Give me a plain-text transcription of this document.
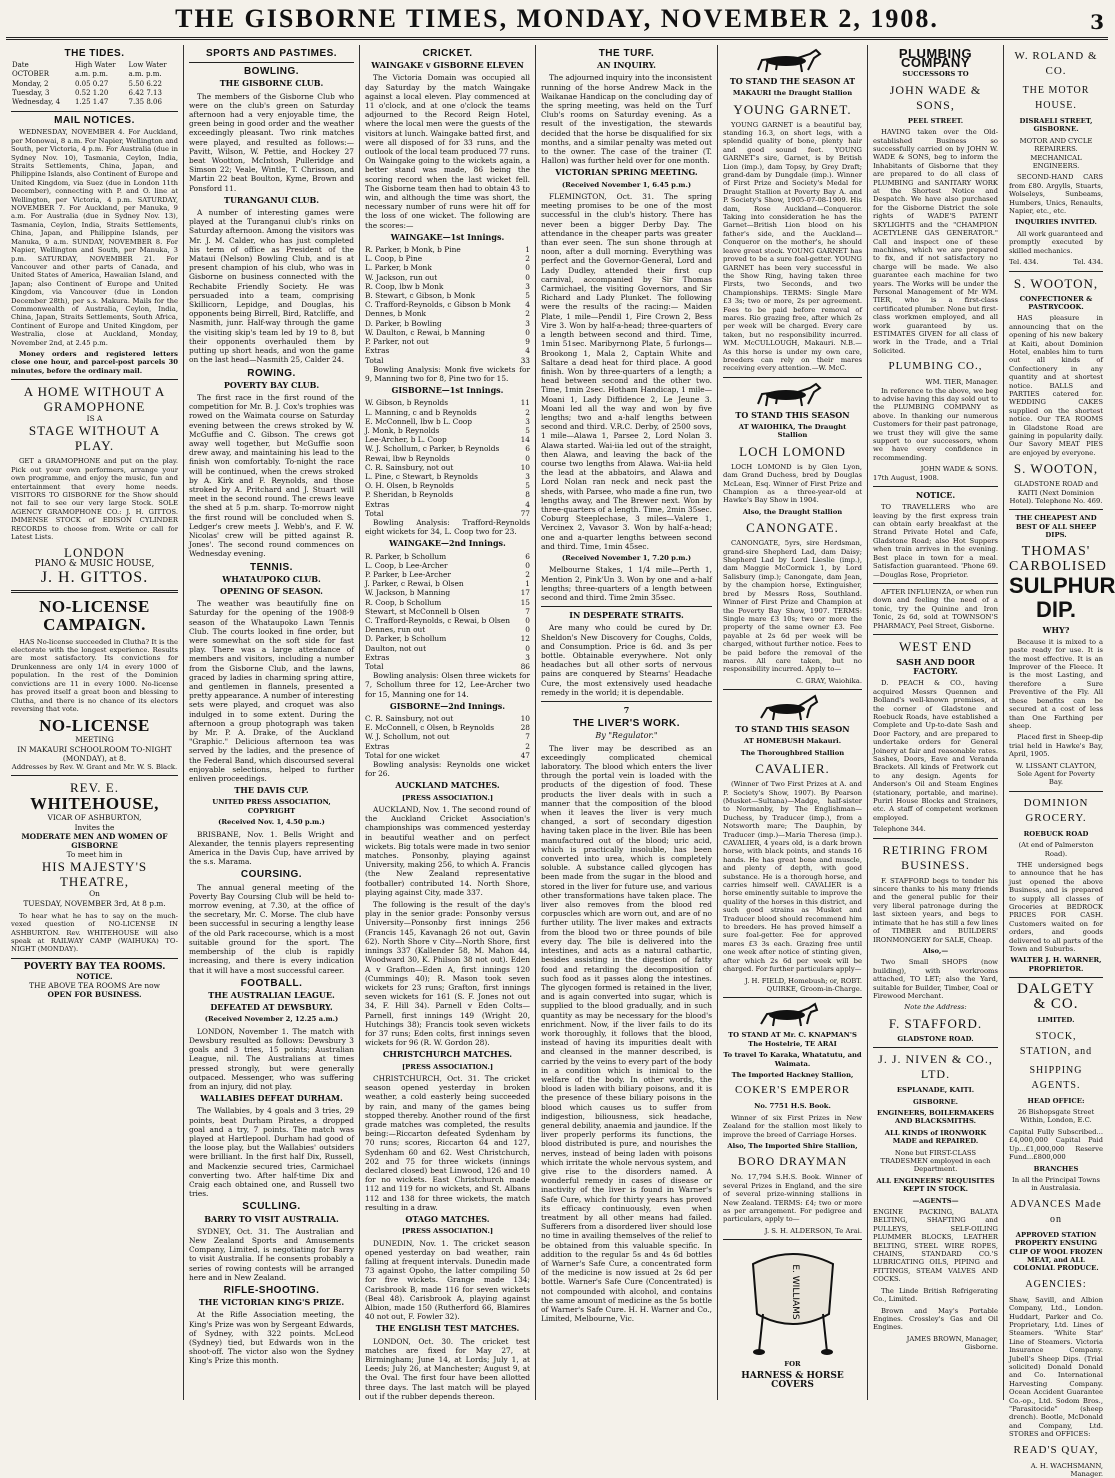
THE GISBORNE TIMES, MONDAY, NOVEMBER 2, 1908.	3
THE TIDES.
Date	High Water	Low Water
OCTOBER	a.m. p.m.	a.m. p.m.
Monday, 2	0.05 0.27	5.50 6.22
Tuesday, 3	0.52 1.20	6.42 7.13
Wednesday, 4	1.25 1.47	7.35 8.06
MAIL NOTICES.

WEDNESDAY, NOVEMBER 4. For Auckland, per Monowai, 8 a.m. For Napier, Wellington and South, per Victoria, 4 p.m. For Australia (due in Sydney Nov. 10), Tasmania, Ceylon, India, Straits Settlements, China, Japan, and Philippine Islands, also Continent of Europe and United Kingdom, via Suez (due in London 11th December), connecting with P. and O. line at Wellington, per Victoria, 4 p.m. SATURDAY, NOVEMBER 7. For Auckland, per Manuka, 9 a.m. For Australia (due in Sydney Nov. 13), Tasmania, Ceylon, India, Straits Settlements, China, Japan, and Philippine Islands, per Manuka, 9 a.m. SUNDAY, NOVEMBER 8. For Napier, Wellington and South, per Manuka, 3 p.m. SATURDAY, NOVEMBER 21. For Vancouver and other parts of Canada, and United States of America, Hawaiian Island, and Japan; also Continent of Europe and United Kingdom, via Vancouver (due in London December 28th), per s.s. Makura. Mails for the Commonwealth of Australia, Ceylon, India, China, Japan, Straits Settlements, South Africa, Continent of Europe and United Kingdom, per Westralia, close at Auckland, Monday, November 2nd, at 2.45 p.m.

Money orders and registered letters close one hour, and parcel-post parcels 30 minutes, before the ordinary mail.

A HOME WITHOUT A GRAMOPHONE
IS A
STAGE WITHOUT A PLAY.

GET a GRAMOPHONE and put on the play. Pick out your own performers, arrange your own programme, and enjoy the music, fun and entertainment that every home needs. VISITORS TO GISBORNE for the Show should not fail to see our very large Stock. SOLE AGENCY GRAMOPHONE CO.: J. H. GITTOS. IMMENSE STOCK of EDISON CYLINDER RECORDS to choose from. Write or call for Latest Lists.

LONDON
PIANO & MUSIC HOUSE,
J. H. GITTOS.
NO-LICENSE CAMPAIGN.

HAS No-license succeeded in Clutha? It is the electorate with the longest experience. Results are most satisfactory. Its convictions for Drunkenness are only 1/4 in every 1000 of population. In the rest of the Dominion convictions are 11 in every 1000. No-license has proved itself a great boon and blessing to Clutha, and there is no chance of its electors reversing that vote.

NO-LICENSE
MEETING
IN MAKAURI SCHOOLROOM TO-NIGHT (MONDAY), at 8.
Addresses by Rev. W. Grant and Mr. W. S. Black.
REV. E.
WHITEHOUSE,
VICAR OF ASHBURTON,
Invites the
MODERATE MEN AND WOMEN OF GISBORNE
To meet him in
HIS MAJESTY'S THEATRE,
On
TUESDAY, NOVEMBER 3rd, At 8 p.m.

To hear what he has to say on the much-vexed question of NO-LICENSE IN ASHBURTON. Rev. WHITEHOUSE will also speak at RAILWAY CAMP (WAIHUKA) TO-NIGHT (MONDAY).

POVERTY BAY TEA ROOMS.
NOTICE.
THE ABOVE TEA ROOMS Are now
OPEN FOR BUSINESS.
SPORTS AND PASTIMES.
BOWLING.
THE GISBORNE CLUB.

The members of the Gisborne Club who were on the club's green on Saturday afternoon had a very enjoyable time, the green being in good order and the weather exceedingly pleasant. Two rink matches were played, and resulted as follows:—Pavitt, Wilson, W. Pettie, and Hockey 27 beat Wootton, McIntosh, Pulleridge and Simson 22; Veale, Wintle, T. Chrisson, and Martin 22 beat Boulton, Kyme, Brown and Ponsford 11.

TURANGANUI CLUB.

A number of interesting games were played at the Turanganui club's rinks on Saturday afternoon. Among the visitors was Mr. J. M. Calder, who has just completed his term of office as President of the Mataui (Nelson) Bowling Club, and is at present champion of his club, who was in Gisborne on business connected with the Rechabite Friendly Society. He was persuaded into a team, comprising Skillicorn, Lepidge, and Douglas, his opponents being Birrell, Bird, Ratcliffe, and Nasmith, junr. Half-way through the game the visiting skip's team led by 19 to 8, but their opponents overhauled them by putting up short heads, and won the game on the last head—Nasmith 25, Calder 24.

ROWING.
POVERTY BAY CLUB.

The first race in the first round of the competition for Mr. B. J. Cox's trophies was rowed on the Waimata course on Saturday evening between the crews stroked by W. McGuffie and C. Gibson. The crews got away well together, but McGuffie soon drew away, and maintaining his lead to the finish won comfortably. To-night the race will be continued, when the crews stroked by A. Kirk and F. Reynolds, and those stroked by A. Pritchard and J. Stuart will meet in the second round. The crews leave the shed at 5 p.m. sharp. To-morrow night the first round will be concluded when S. Ledger's crew meets J. Webb's, and F. W. Nicolas' crew will be pitted against R. Jones'. The second round commences on Wednesday evening.

TENNIS.
WHATAUPOKO CLUB.
OPENING OF SEASON.

The weather was beautifully fine on Saturday for the opening of the 1908-9 season of the Whataupoko Lawn Tennis Club. The courts looked in fine order, but were somewhat on the soft side for fast play. There was a large attendance of members and visitors, including a number from the Gisborne Club, and the lawns, graced by ladies in charming spring attire, and gentlemen in flannels, presented a pretty appearance. A number of interesting sets were played, and croquet was also indulged in to some extent. During the afternoon a group photograph was taken by Mr. P. A. Drake, of the Auckland "Graphic." Delicious afternoon tea was served by the ladies, and the presence of the Federal Band, which discoursed several enjoyable selections, helped to further enliven proceedings.

THE DAVIS CUP.
UNITED PRESS ASSOCIATION, COPYRIGHT
(Received Nov. 1, 4.50 p.m.)

BRISBANE, Nov. 1. Bells Wright and Alexander, the tennis players representing America in the Davis Cup, have arrived by the s.s. Marama.

COURSING.

The annual general meeting of the Poverty Bay Coursing Club will be held to-morrow evening, at 7.30, at the office of the secretary, Mr. C. Morse. The club have been successful in securing a lengthy lease of the old Park racecourse, which is a most suitable ground for the sport. The membership of the club is rapidly increasing, and there is every indication that it will have a most successful career.

FOOTBALL.
THE AUSTRALIAN LEAGUE.
DEFEATED AT DEWSBURY.
(Received November 2, 12.25 a.m.)

LONDON, November 1. The match with Dewsbury resulted as follows: Dewsbury 3 goals and 3 tries, 15 points; Australian League, nil. The Australians at times pressed strongly, but were generally outpaced. Messenger, who was suffering from an injury, did not play.

WALLABIES DEFEAT DURHAM.

The Wallabies, by 4 goals and 3 tries, 29 points, beat Durham Pirates, a dropped goal and a try, 7 points. The match was played at Hartlepool. Durham had good of the loose play, but the Wallabies' outsiders were brilliant. In the first half Dix, Russell, and Mackenzie secured tries, Carmichael converting two. After half-time Dix and Craig each obtained one, and Russell two tries.

SCULLING.
BARRY TO VISIT AUSTRALIA.

SYDNEY, Oct. 31. The Australian and New Zealand Sports and Amusements Company, Limited, is negotiating for Barry to visit Australia. If he consents probably a series of rowing contests will be arranged here and in New Zealand.

RIFLE-SHOOTING.
THE VICTORIAN KING'S PRIZE.

At the Rifle Association meeting, the King's Prize was won by Sergeant Edwards, of Sydney, with 322 points. McLeod (Sydney) tied, but Edwards won in the shoot-off. The victor also won the Sydney King's Prize this month.

CRICKET.
WAINGAKE v GISBORNE ELEVEN

The Victoria Domain was occupied all day Saturday by the match Waingake against a local eleven. Play commenced at 11 o'clock, and at one o'clock the teams adjourned to the Record Reign Hotel, where the local men were the guests of the visitors at lunch. Waingake batted first, and were all disposed of for 33 runs, and the outlook of the local team produced 77 runs. On Waingake going to the wickets again, a better stand was made, 86 being the scoring record when the last wicket fell. The Gisborne team then had to obtain 43 to win, and although the time was short, the necessary number of runs were hit off for the loss of one wicket. The following are the scores:—

WAINGAKE—1st Innings.
R. Parker, b Monk, b Pine	1
L. Coop, b Pine	2
L. Parker, b Monk	0
W. Jackson, run out	0
R. Coop, lbw b Monk	3
B. Stewart, c Gibson, b Monk	5
C. Trafford-Reynolds, c Gibson b Monk 4
Dennes, b Monk	2
D. Parker, b Bowling	3
W. Daulton, c Rewai, b Manning	0
P. Parker, not out	9
Extras	4
Total	33

Bowling Analysis: Monk five wickets for 9, Manning two for 8, Pine two for 15.

GISBORNE—1st Innings.
W. Gibson, b Reynolds	11
L. Manning, c and b Reynolds	2
E. McConnell, lbw b L. Coop	3
J. Monk, b Reynolds	5
Lee-Archer, b L. Coop	14
W. J. Schollum, c Parker, b Reynolds	6
Rewai, lbw b Reynolds	0
C. R. Sainsbury, not out	10
L. Pine, c Stewart, b Reynolds	3
O. H. Olsen, b Reynolds	5
P. Sheridan, b Reynolds	8
Extras	4
Total	77

Bowling Analysis: Trafford-Reynolds eight wickets for 34, L. Coop two for 23.

WAINGAKE—2nd Innings.
R. Parker, b Schollum	6
L. Coop, b Lee-Archer	0
P. Parker, b Lee-Archer	2
J. Parker, c Rewai, b Olsen	1
W. Jackson, b Manning	17
R. Coop, b Schollum	15
Stewart, st McConnell b Olsen	7
C. Trafford-Reynolds, c Rewai, b Olsen 0
Dennes, run out	0
D. Parker, b Schollum	12
Daulton, not out	0
Extras	3
Total	86

Bowling analysis: Olsen three wickets for 7, Schollum three for 12, Lee-Archer two for 15, Manning one for 14.

GISBORNE—2nd Innings.
C. R. Sainsbury, not out	10
E. McConnell, c Olsen, b Reynolds	28
W. J. Schollum, not out	7
Extras	2
Total for one wicket	47

Bowling analysis: Reynolds one wicket for 26.

AUCKLAND MATCHES.
[PRESS ASSOCIATION.]

AUCKLAND, Nov. 1. The second round of the Auckland Cricket Association's championships was commenced yesterday in beautiful weather and on perfect wickets. Big totals were made in two senior matches. Ponsonby, playing against University, making 256, to which A. Francis (the New Zealand representative footballer) contributed 14. North Shore, playing against City, made 337.

The following is the result of the day's play in the senior grade: Ponsonby versus University—Ponsonby first innings 256 (Francis 145, Kavanagh 26 not out, Gavin 62). North Shore v City—North Shore, first innings 337 (Kallender 58, M. Mahon 44, Woodward 30, K. Philson 38 not out). Eden A v Grafton—Eden A, first innings 120 (Cummings 40); R. Mason took seven wickets for 23 runs; Grafton, first innings seven wickets for 161 (S. F. Jones not out 34, F. Hill 34). Parnell v Eden Colts—Parnell, first innings 149 (Wright 20, Hutchings 38); Francis took seven wickets for 37 runs; Eden colts, first innings seven wickets for 96 (R. W. Gordon 28).

CHRISTCHURCH MATCHES.
[PRESS ASSOCIATION.]

CHRISTCHURCH, Oct. 31. The cricket season opened yesterday in broken weather, a cold easterly being succeeded by rain, and many of the games being stopped thereby. Another round of the first grade matches was completed, the results being:—Riccarton defeated Sydenham by 70 runs; scores, Riccarton 64 and 127, Sydenham 60 and 62. West Christchurch, 202 and 75 for three wickets (innings declared closed) beat Linwood, 126 and 10 for no wickets. East Christchurch made 112 and 119 for no wickets, and St. Albans 112 and 138 for three wickets, the match resulting in a draw.

OTAGO MATCHES.
[PRESS ASSOCIATION.]

DUNEDIN, Nov. 1. The cricket season opened yesterday on bad weather, rain falling at frequent intervals. Dunedin made 73 against Opoho, the latter compiling 50 for five wickets. Grange made 134; Carisbrook B, made 116 for seven wickets (Beal 48). Carisbrook A, playing against Albion, made 150 (Rutherford 66, Blamires 40 not out, F. Fowler 32).

THE ENGLISH TEST MATCHES.

LONDON, Oct. 30. The cricket test matches are fixed for May 27, at Birmingham; June 14, at Lords; July 1, at Leeds; July 26, at Manchester; August 9, at the Oval. The first four have been allotted three days. The last match will be played out if the rubber depends thereon.

THE TURF.
AN INQUIRY.

The adjourned inquiry into the inconsistent running of the horse Andrew Mack in the Waikanae Handicap on the concluding day of the spring meeting, was held on the Turf Club's rooms on Saturday evening. As a result of the investigation, the stewards decided that the horse be disqualified for six months, and a similar penalty was meted out to the owner. The case of the trainer (T. Hallon) was further held over for one month.

VICTORIAN SPRING MEETING.
(Received November 1, 6.45 p.m.)

FLEMINGTON, Oct. 31. The spring meeting promises to be one of the most successful in the club's history. There has never been a bigger Derby Day. The attendance in the cheaper parts was greater than ever seen. The sun shone through at noon, after a dull morning. Everything was perfect and the Governor-General, Lord and Lady Dudley, attended their first cup carnival, accompanied by Sir Thomas Carmichael, the visiting Governors, and Sir Richard and Lady Plunket. The following were the results of the racing:— Maiden Plate, 1 mile—Pendil 1, Fire Crown 2, Bess Vire 3. Won by half-a-head; three-quarters of a length between second and third. Time, 1min 51sec. Maribyrnong Plate, 5 furlongs—Brookong 1, Mala 2, Captain White and Saltare a dead heat for third place. A good finish. Won by three-quarters of a length; a head between second and the other two. Time, 1min 2sec. Hotham Handicap, 1 mile—Moani 1, Lady Diffidence 2, Le Jeune 3. Moani led all the way and won by five lengths; two and a-half lengths between second and third. V.R.C. Derby, of 2500 sovs, 1 mile—Alawa 1, Parsee 2, Lord Nolan 3. Alawa started. Wai-iia led out of the straight, then Alawa, and leaving the back of the course two lengths from Alawa. Wai-iia held the lead at the abbatoirs, and Alawa and Lord Nolan ran neck and neck past the sheds, with Parsee, who made a fine run, two lengths away, and The Brewer next. Won by three-quarters of a length. Time, 2min 35sec. Coburg Steeplechase, 3 miles—Valere 1, Vercinex 2, Vavasor 3. Won by half-a-head; one and a-quarter lengths between second and third. Time, 1min 45sec.

(Received November 1, 7.20 p.m.)

Melbourne Stakes, 1 1/4 mile—Perth 1, Mention 2, Pink'Un 3. Won by one and a-half lengths; three-quarters of a length between second and third. Time 2min 35sec.

IN DESPERATE STRAITS.

Are many who could be cured by Dr. Sheldon's New Discovery for Coughs, Colds, and Consumption. Price is 6d. and 3s per bottle. Obtainable everywhere. Not only headaches but all other sorts of nervous pains are conquered by Stearns' Headache Cure, the most extensively used headache remedy in the world; it is dependable.

7
THE LIVER'S WORK.
By "Regulator."

The liver may be described as an exceedingly complicated chemical laboratory. The blood which enters the liver through the portal vein is loaded with the products of the digestion of food. These products the liver deals with in such a manner that the composition of the blood when it leaves the liver is very much changed, a sort of secondary digestion having taken place in the liver. Bile has been manufactured out of the blood; uric acid, which is practically insoluble, has been converted into urea, which is completely soluble. A substance called glycogen has been made from the sugar in the blood and stored in the liver for future use, and various other transformations have taken place. The liver also removes from the blood red corpuscles which are worn out, and are of no further utility. The liver makes and extracts from the blood two or three pounds of bile every day. The bile is delivered into the intestines, and acts as a natural cathartic, besides assisting in the digestion of fatty food and retarding the decomposition of such food as it passes along the intestines. The glycogen formed is retained in the liver, and is again converted into sugar, which is supplied to the blood gradually, and in such quantity as may be necessary for the blood's enrichment. Now, if the liver fails to do its work thoroughly, it follows that the blood, instead of having its impurities dealt with and cleansed in the manner described, is carried by the veins to every part of the body in a condition which is inimical to the welfare of the body. In other words, the blood is laden with biliary poisons, and it is the presence of these biliary poisons in the blood which causes us to suffer from indigestion, biliousness, sick headache, general debility, anaemia and jaundice. If the liver properly performs its functions, the blood distributed is pure, and nourishes the nerves, instead of being laden with poisons which irritate the whole nervous system, and give rise to the disorders named. A wonderful remedy in cases of disease or inactivity of the liver is found in Warner's Safe Cure, which for thirty years has proved its efficacy continuously, even when treatment by all other means had failed. Sufferers from a disordered liver should lose no time in availing themselves of the relief to be obtained from this valuable specific. In addition to the regular 5s and 4s 6d bottles of Warner's Safe Cure, a concentrated form of the medicine is now issued at 2s 6d per bottle. Warner's Safe Cure (Concentrated) is not compounded with alcohol, and contains the same amount of medicine as the 5s bottle of Warner's Safe Cure. H. H. Warner and Co., Limited, Melbourne, Vic.

TO STAND THE SEASON AT
MAKAURI the Draught Stallion
YOUNG GARNET.

YOUNG GARNET is a beautiful bay, standing 16.3, on short legs, with a splendid quality of bone, plenty hair and good sound feet. YOUNG GARNET's sire, Garnet, is by British Lion (imp.), dam Topsy, by Grey Draft; grand-dam by Dungdale (imp.). Winner of First Prize and Society's Medal for Draught Stallion at Poverty Bay A. and P. Society's Show, 1905-07-08-1909. His dam, Rose Auckland—Conqueror. Taking into consideration he has the Garnet—British Lion blood on his father's side, and the Auckland—Conqueror on the mother's, he should leave great stock. YOUNG GARNET has proved to be a sure foal-getter. YOUNG GARNET has been very successful in the Show Ring, having taken three Firsts, two Seconds, and two Championships. TERMS: Single Mare £3 3s; two or more, 2s per agreement. Fees to be paid before removal of mares. Rio grazing free, after which 2s per week will be charged. Every care taken, but no responsibility incurred. WM. McCULLOUGH, Makauri. N.B.—As this horse is under my own care, breeders can rely on their mares receiving every attention.—W. McC.

TO STAND THIS SEASON
AT WAIOHIKA, The Draught Stallion
LOCH LOMOND

LOCH LOMOND is by Glen Lyon, dam Grand Duchess, bred by Douglas McLean, Esq. Winner of First Prize and Champion as a three-year-old at Hawke's Bay Show in 1904.

Also, the Draught Stallion
CANONGATE.

CANONGATE, 5yrs, sire Herdsman, grand-sire Shepherd Lad, dam Daisy; Shepherd Lad by Lord Lieslie (imp.), dam Maggie McCormick 1, by Lord Salisbury (imp.); Canongate, dam Jean, by the champion horse, Extinguisher, bred by Messrs Ross, Southland. Winner of First Prize and Champion at the Poverty Bay Show, 1907. TERMS: Single mare £3 10s; two or more the property of the same owner £3. Fee payable at 2s 6d per week will be charged, without further notice. Fees to be paid before the removal of the mares. All care taken, but no responsibility incurred. Apply to—

C. GRAY, Waiohika.
TO STAND THIS SEASON
AT HOMEBUSH Makauri.
The Thoroughbred Stallion
CAVALIER.

(Winner of Two First Prizes at A. and P. Society's Show, 1907). By Pearson (Musket—Sultana)—Madge, half-sister to Normanby, by The Englishman—Duchess, by Traducer (imp.), from a Notsworth mare; The Dauphin, by Traducer (imp.)—Maria Theresa (imp.). CAVALIER, 4 years old, is a dark brown horse, with black points, and stands 16 hands. He has great bone and muscle, and plenty of depth, with good substance. He is a thorough horse, and carries himself well. CAVALIER is a horse eminently suitable to improve the quality of the horses in this district, and such good strains as Musket and Traducer blood should recommend him to breeders. He has proved himself a sure foal-getter. Fee for approved mares £3 3s each. Grazing free until one week after notice of stinting given, after which 2s 6d per week will be charged. For further particulars apply—

J. H. FIELD, Homebush; or, ROBT. QUIRKE, Groom-in-Charge.
TO STAND AT Mr. C. KNAPMAN'S The Hostelrie, TE ARAI
To travel To Karaka, Whatatutu, and Waimata.
The Imported Hackney Stallion,
COKER'S EMPEROR
No. 7751 H.S. Book.

Winner of six First Prizes in New Zealand for the stallion most likely to improve the breed of Carriage Horses.

Also, The Imported Shire Stallion,
BORO DRAYMAN

No. 17,794 S.H.S. Book. Winner of several Prizes in England, and the sire of several prize-winning stallions in New Zealand. TERMS: £4; two or more as per arrangement. For pedigree and particulars, apply to—

J. S. H. ALDERSON, Te Arai.
E. WILLIAMS
FOR
HARNESS & HORSE COVERS
PLUMBING COMPANY
SUCCESSORS TO
JOHN WADE & SONS,
PEEL STREET.

HAVING taken over the Old-established Business so successfully carried on by JOHN W. WADE & SONS, beg to inform the Inhabitants of Gisborne that they are prepared to do all class of PLUMBING and SANITARY WORK at the Shortest Notice and Despatch. We have also purchased for the Gisborne District the sole rights of WADE'S PATENT SKYLIGHTS and the "CHAMPION ACETYLENE GAS GENERATOR." Call and inspect one of these machines, which we are prepared to fix, and if not satisfactory no charge will be made. We also guarantee each machine for two years. The Works will be under the Personal Management of Mr WM. TIER, who is a first-class certificated plumber. None but first-class workmen employed, and all work guaranteed by us. ESTIMATES GIVEN for all class of work in the Trade, and a Trial Solicited.

PLUMBING CO.,
WM. TIER, Manager.

In reference to the above, we beg to advise having this day sold out to the PLUMBING COMPANY as above. In thanking our numerous Customers for their past patronage, we trust they will give the same support to our successors, whom we have every confidence in recommending.

JOHN WADE & SONS.
17th August, 1908.
NOTICE.

TO TRAVELLERS who are leaving by the first express train can obtain early breakfast at the Strand Private Hotel and Cafe, Gladstone Road; also Hot Suppers when train arrives in the evening. Best place in town for a meal. Satisfaction guaranteed. 'Phone 69.—Douglas Rose, Proprietor.

AFTER INFLUENZA, or when run down and feeling the need of a tonic, try the Quinine and Iron Tonic, 2s 6d, sold at TOWNSON'S PHARMACY, Peel Street, Gisborne.

WEST END
SASH AND DOOR FACTORY.

D. PEACH & CO., having acquired Messrs Quennen and Bolland's well-known premises, at the corner of Gladstone and Roebuck Roads, have established a Complete and Up-to-date Sash and Door Factory, and are prepared to undertake orders for General Joinery at fair and reasonable rates. Sashes, Doors, Eave and Veranda Brackets. All kinds of Fretwork cut to any design. Agents for Anderson's Oil and Steam Engines (stationary, portable, and marine). Puriri House Blocks and Strainers, etc. A staff of competent workmen employed.

Telephone 344.
RETIRING FROM BUSINESS.

F. STAFFORD begs to tender his sincere thanks to his many friends and the general public for their very liberal patronage during the last sixteen years, and begs to intimate that he has still a few lines of TIMBER and BUILDERS' IRONMONGERY for SALE, Cheap.

Also,—

Two Small SHOPS (now building), with workrooms attached, TO LET; also the Yard, suitable for Builder, Timber, Coal or Firewood Merchant.

Note the Address:
F. STAFFORD.
GLADSTONE ROAD.
J. J. NIVEN & CO., LTD.
ESPLANADE, KAITI.
GISBORNE.
ENGINEERS, BOILERMAKERS AND BLACKSMITHS.
ALL KINDS of IRONWORK MADE and REPAIRED.
None but FIRST-CLASS TRADESMEN employed in each Department.
ALL ENGINEERS' REQUISITES KEPT IN STOCK.
—AGENTS—

ENGINE PACKING, BALATA BELTING, SHAFTING and PULLEYS, SELF-OILING PLUMMER BLOCKS, LEATHER BELTING, STEEL WIRE ROPES, CHAINS, STANDARD CO.'S LUBRICATING OILS, PIPING and FITTINGS, STEAM VALVES AND COCKS.

The Linde British Refrigerating Co., Limited.

Brown and May's Portable Engines. Crossley's Gas and Oil Engines.

JAMES BROWN, Manager, Gisborne.
W. ROLAND & CO.
THE MOTOR HOUSE.
DISRAELI STREET, GISBORNE.
MOTOR AND CYCLE REPAIRERS. MECHANICAL ENGINEERS.

SECOND-HAND CARS from £80. Argylls, Stuarts, Wolseleys, Sunbeams, Humbers, Unics, Renaults, Napier, etc., etc.

INQUIRIES INVITED.

All work guaranteed and promptly executed by skilled mechanics.

Tel. 434.	Tel. 434.
S. WOOTON,
CONFECTIONER & PASTRYCOOK.

HAS pleasure in announcing that on the opening of his new bakery at Kaiti, about Dominion Hotel, enables him to turn out all kinds of Confectionery in any quantity and at shortest notice. BALLS and PARTIES catered for. WEDDING CAKES supplied on the shortest notice. Our TEA ROOMS in Gladstone Road are gaining in popularity daily. Our Savory MEAT PIES are enjoyed by everyone.

S. WOOTON,
GLADSTONE ROAD and KAITI (Next Dominion Hotel). Telephone No. 469.
THE CHEAPEST AND BEST OF ALL SHEEP DIPS.
THOMAS'
CARBOLISED
SULPHUR
DIP.
WHY?

Because it is mixed to a paste ready for use. It is the most effective. It is an Improver of the Fleece. It is the most Lasting, and therefore a Sure Preventive of the Fly. All these benefits can be secured at a cost of less than One Farthing per sheep.

Placed first in Sheep-dip trial held in Hawke's Bay, April, 1905.

W. LISSANT CLAYTON, Sole Agent for Poverty Bay.
DOMINION GROCERY.
ROEBUCK ROAD
(At end of Palmerston Road).

THE undersigned begs to announce that he has just opened the above Business, and is prepared to supply all classes of Groceries at BEDROCK PRICES FOR CASH. Customers waited on for orders, and goods delivered to all parts of the Town and Suburbs.

WALTER J. H. WARNER, PROPRIETOR.
DALGETY & CO.
LIMITED.
STOCK, STATION, and
SHIPPING AGENTS.
HEAD OFFICE:
26 Bishopsgate Street Within, London, E.C.

Capital Fully Subscribed...£4,000,000 Capital Paid Up...£1,000,000 Reserve Fund...£800,000

BRANCHES
In all the Principal Towns in Australasia.
ADVANCES Made on
APPROVED STATION PROPERTY ENSUING CLIP OF WOOL FROZEN MEAT, and ALL COLONIAL PRODUCE.
AGENCIES:

Shaw, Savill, and Albion Company, Ltd., London. Huddart, Parker and Co. Proprietary, Ltd. Lines of Steamers. 'White Star' Line of Steamers. Victoria Insurance Company. Jubell's Sheep Dips. (Trial solicited) Donald Donald and Co. International Harvesting Company. Ocean Accident Guarantee Co.-op., Ltd. Sodom Bros., "Parasitocide" (sheep drench). Bootle, McDonald and Company, Ltd. STORES and OFFICES:

READ'S QUAY,
A. H. WACHSMANN, Manager.
